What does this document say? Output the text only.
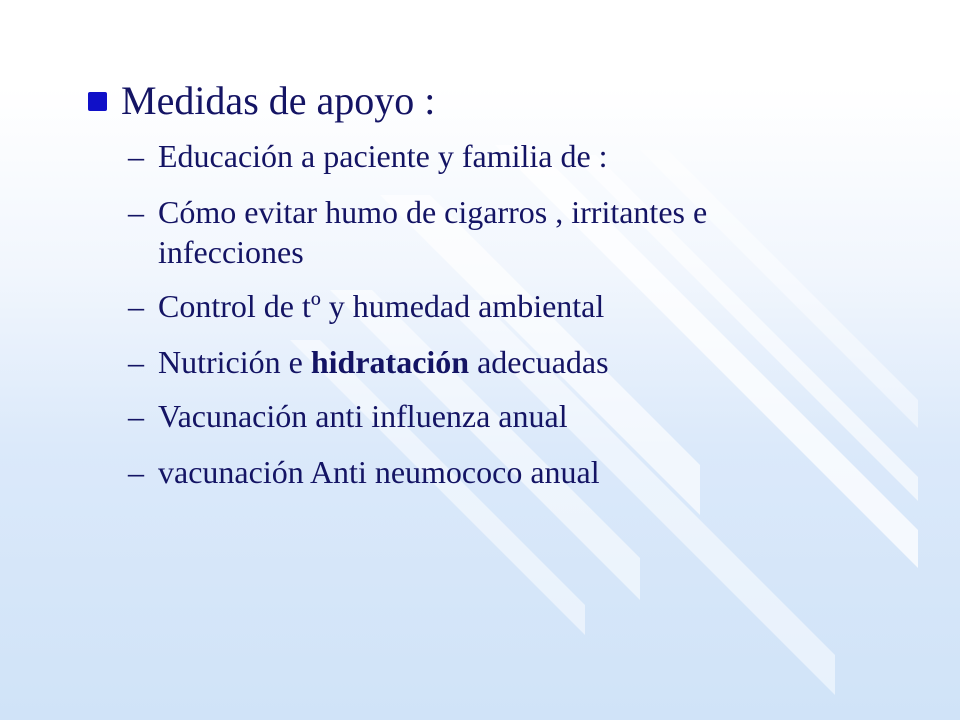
Medidas de apoyo :
– Educación a paciente y familia de :
– Cómo evitar humo de cigarros , irritantes e infecciones
– Control de tº y humedad ambiental
– Nutrición e hidratación adecuadas
– Vacunación anti influenza anual
– vacunación Anti neumococo anual
